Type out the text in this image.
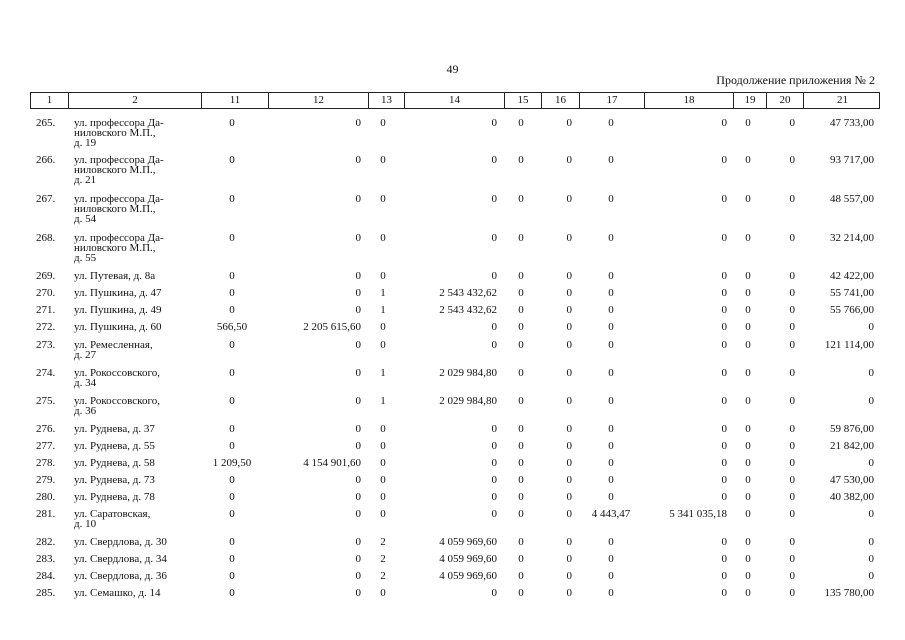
49
Продолжение приложения № 2
1	2	11	12	13	14	15	16	17	18	19	20	21
265.	ул. профессора Да-
ниловского М.П.,
д. 19
0	0	0	0	0	0	0	0	0	0	47 733,00
266.	ул. профессора Да-
ниловского М.П.,
д. 21
0	0	0	0	0	0	0	0	0	0	93 717,00
267.	ул. профессора Да-
ниловского М.П.,
д. 54
0	0	0	0	0	0	0	0	0	0	48 557,00
268.	ул. профессора Да-
ниловского М.П.,
д. 55
0	0	0	0	0	0	0	0	0	0	32 214,00
269.	ул. Путевая, д. 8а	0	0	0	0	0	0	0	0	0	0	42 422,00
270.	ул. Пушкина, д. 47	0	0	1	2 543 432,62	0	0	0	0	0	0	55 741,00
271.	ул. Пушкина, д. 49	0	0	1	2 543 432,62	0	0	0	0	0	0	55 766,00
272.	ул. Пушкина, д. 60	566,50	2 205 615,60	0	0	0	0	0	0	0	0	0
273.	ул. Ремесленная,
д. 27
0	0	0	0	0	0	0	0	0	0	121 114,00
274.	ул. Рокоссовского,
д. 34
0	0	1	2 029 984,80	0	0	0	0	0	0	0
275.	ул. Рокоссовского,
д. 36
0	0	1	2 029 984,80	0	0	0	0	0	0	0
276.	ул. Руднева, д. 37	0	0	0	0	0	0	0	0	0	0	59 876,00
277.	ул. Руднева, д. 55	0	0	0	0	0	0	0	0	0	0	21 842,00
278.	ул. Руднева, д. 58	1 209,50	4 154 901,60	0	0	0	0	0	0	0	0	0
279.	ул. Руднева, д. 73	0	0	0	0	0	0	0	0	0	0	47 530,00
280.	ул. Руднева, д. 78	0	0	0	0	0	0	0	0	0	0	40 382,00
281.	ул. Саратовская,
д. 10
0	0	0	0	0	0	4 443,47	5 341 035,18	0	0	0
282.	ул. Свердлова, д. 30	0	0	2	4 059 969,60	0	0	0	0	0	0	0
283.	ул. Свердлова, д. 34	0	0	2	4 059 969,60	0	0	0	0	0	0	0
284.	ул. Свердлова, д. 36	0	0	2	4 059 969,60	0	0	0	0	0	0	0
285.	ул. Семашко, д. 14	0	0	0	0	0	0	0	0	0	0	135 780,00
